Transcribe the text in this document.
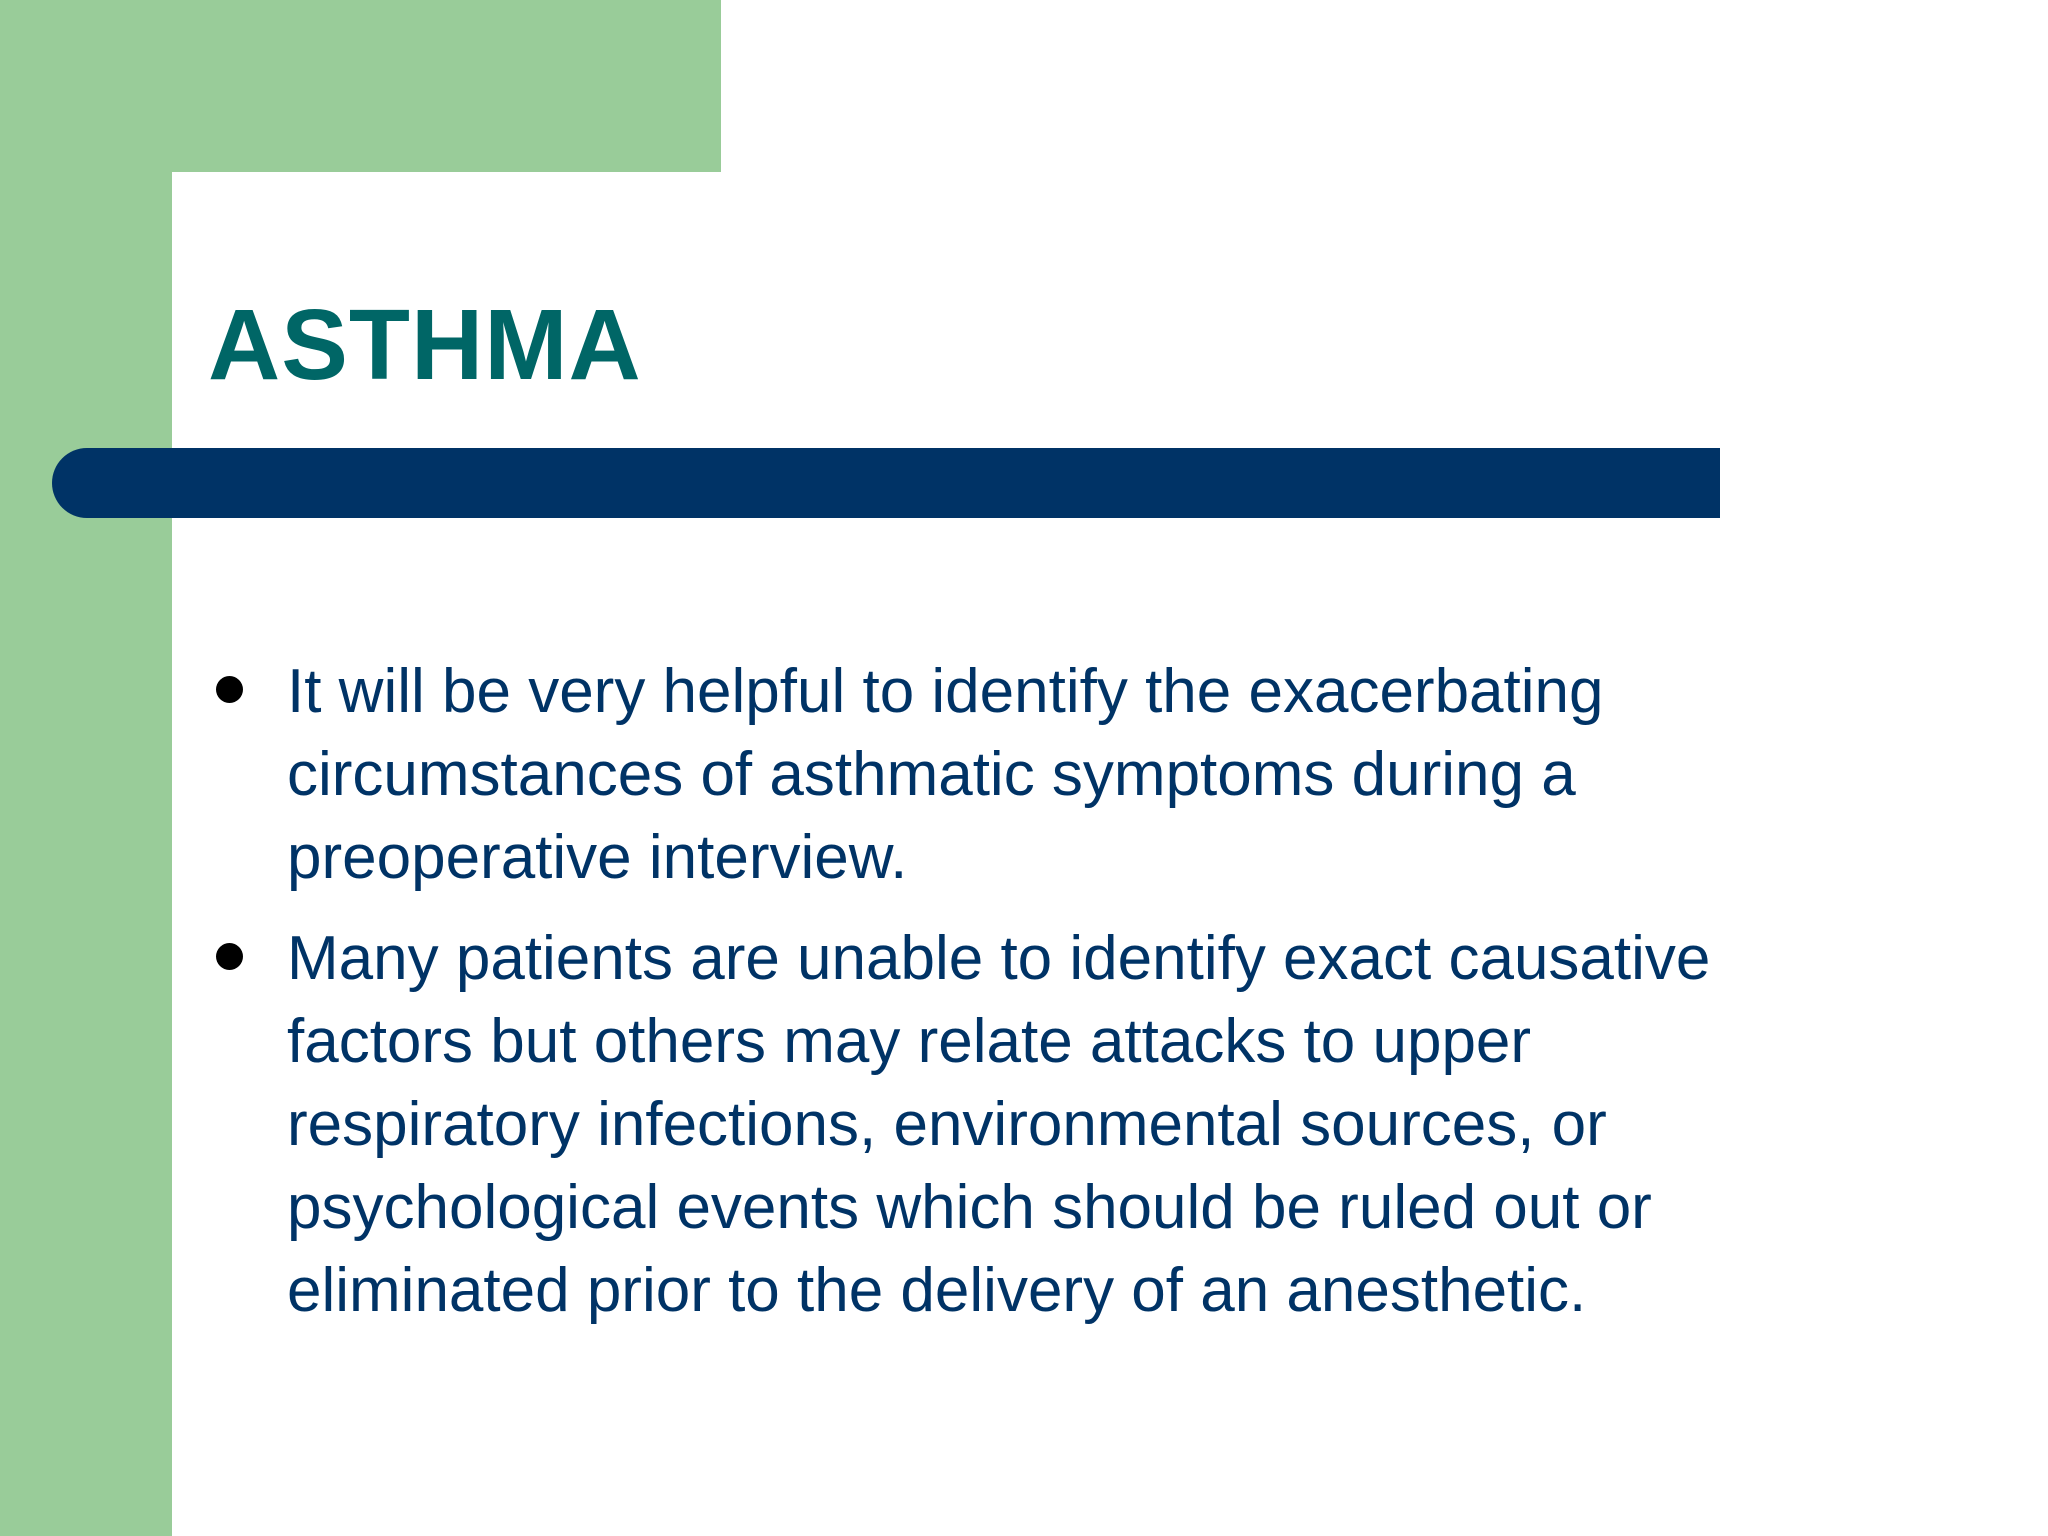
ASTHMA
It will be very helpful to identify the exacerbating
circumstances of asthmatic symptoms during a
preoperative interview.
Many patients are unable to identify exact causative
factors but others may relate attacks to upper
respiratory infections, environmental sources, or
psychological events which should be ruled out or
eliminated prior to the delivery of an anesthetic.
